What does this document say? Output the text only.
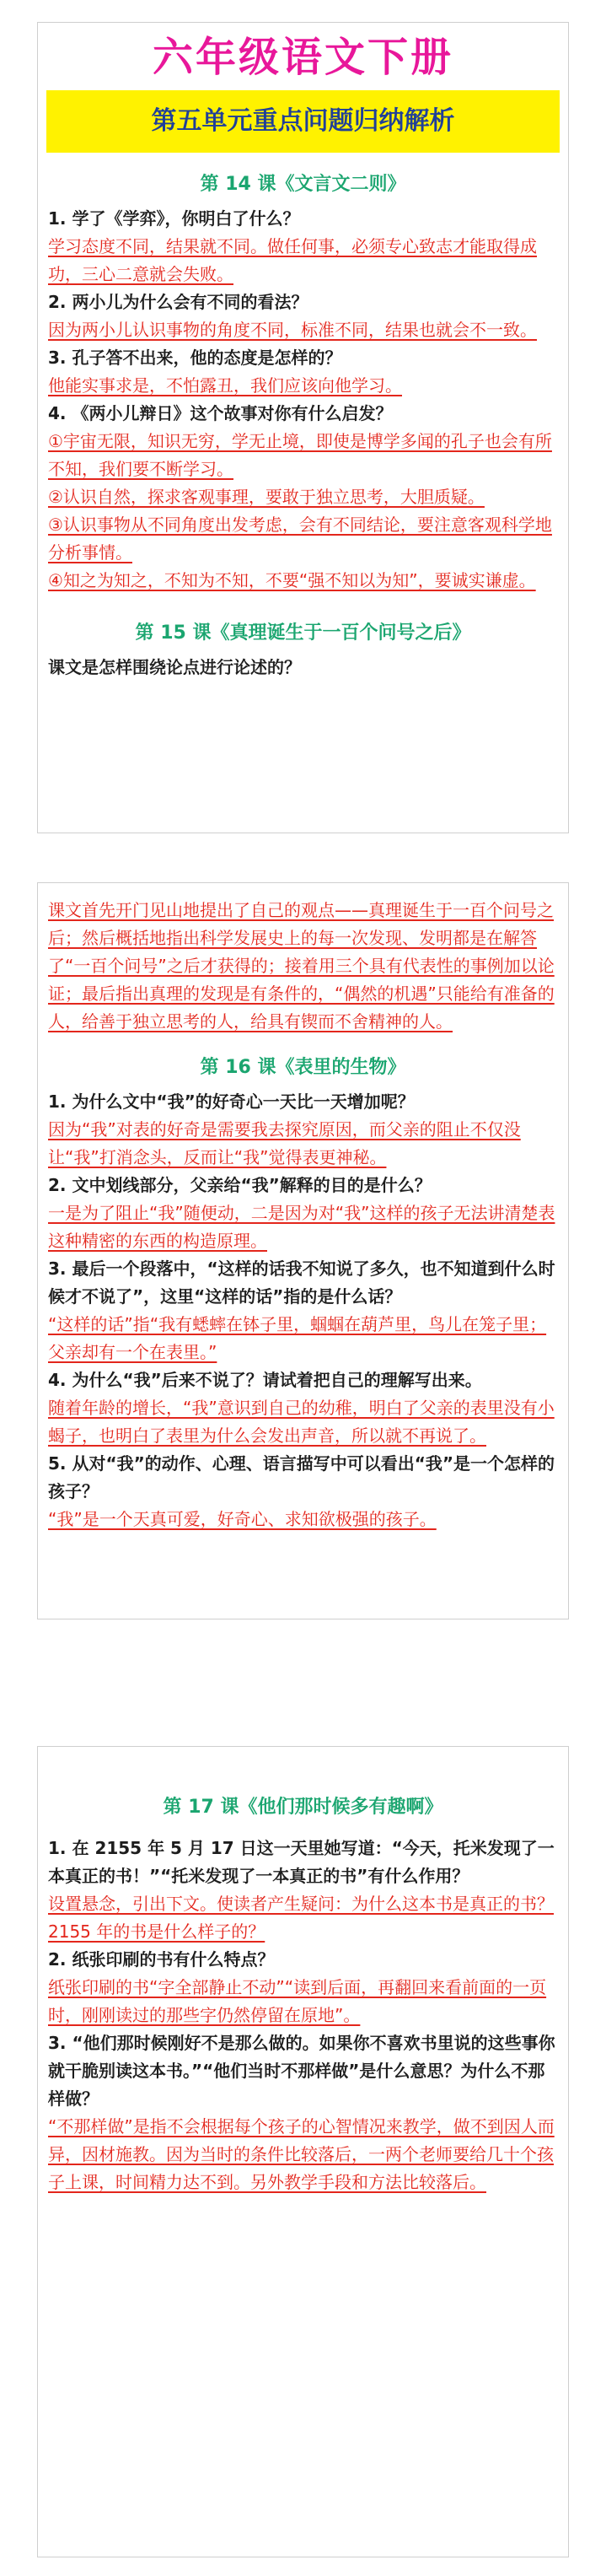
六年级语文下册
第五单元重点问题归纳解析
第 14 课《文言文二则》
1. 学了《学弈》，你明白了什么？
学习态度不同，结果就不同。做任何事，必须专心致志才能取得成功，三心二意就会失败。
2. 两小儿为什么会有不同的看法？
因为两小儿认识事物的角度不同，标准不同，结果也就会不一致。
3. 孔子答不出来，他的态度是怎样的？
他能实事求是，不怕露丑，我们应该向他学习。
4. 《两小儿辩日》这个故事对你有什么启发？
①宇宙无限，知识无穷，学无止境，即使是博学多闻的孔子也会有所不知，我们要不断学习。
②认识自然，探求客观事理，要敢于独立思考，大胆质疑。
③认识事物从不同角度出发考虑，会有不同结论，要注意客观科学地分析事情。
④知之为知之，不知为不知，不要“强不知以为知”，要诚实谦虚。
第 15 课《真理诞生于一百个问号之后》
课文是怎样围绕论点进行论述的？
课文首先开门见山地提出了自己的观点——真理诞生于一百个问号之后；然后概括地指出科学发展史上的每一次发现、发明都是在解答了“一百个问号”之后才获得的；接着用三个具有代表性的事例加以论证；最后指出真理的发现是有条件的，“偶然的机遇”只能给有准备的人，给善于独立思考的人，给具有锲而不舍精神的人。
第 16 课《表里的生物》
1. 为什么文中“我”的好奇心一天比一天增加呢？
因为“我”对表的好奇是需要我去探究原因，而父亲的阻止不仅没让“我”打消念头，反而让“我”觉得表更神秘。
2. 文中划线部分，父亲给“我”解释的目的是什么？
一是为了阻止“我”随便动，二是因为对“我”这样的孩子无法讲清楚表这种精密的东西的构造原理。
3. 最后一个段落中，“这样的话我不知说了多久，也不知道到什么时候才不说了”，这里“这样的话”指的是什么话？
“这样的话”指“我有蟋蟀在钵子里，蝈蝈在葫芦里，鸟儿在笼子里；父亲却有一个在表里。”
4. 为什么“我”后来不说了？请试着把自己的理解写出来。
随着年龄的增长，“我”意识到自己的幼稚，明白了父亲的表里没有小蝎子，也明白了表里为什么会发出声音，所以就不再说了。
5. 从对“我”的动作、心理、语言描写中可以看出“我”是一个怎样的孩子？
“我”是一个天真可爱，好奇心、求知欲极强的孩子。
第 17 课《他们那时候多有趣啊》
1. 在 2155 年 5 月 17 日这一天里她写道：“今天，托米发现了一本真正的书！”“托米发现了一本真正的书”有什么作用？
设置悬念，引出下文。使读者产生疑问：为什么这本书是真正的书？2155 年的书是什么样子的？
2. 纸张印刷的书有什么特点？
纸张印刷的书“字全部静止不动”“读到后面，再翻回来看前面的一页时，刚刚读过的那些字仍然停留在原地”。
3. “他们那时候刚好不是那么做的。如果你不喜欢书里说的这些事你就干脆别读这本书。”“他们当时不那样做”是什么意思？为什么不那样做？
“不那样做”是指不会根据每个孩子的心智情况来教学，做不到因人而异，因材施教。因为当时的条件比较落后，一两个老师要给几十个孩子上课，时间精力达不到。另外教学手段和方法比较落后。
